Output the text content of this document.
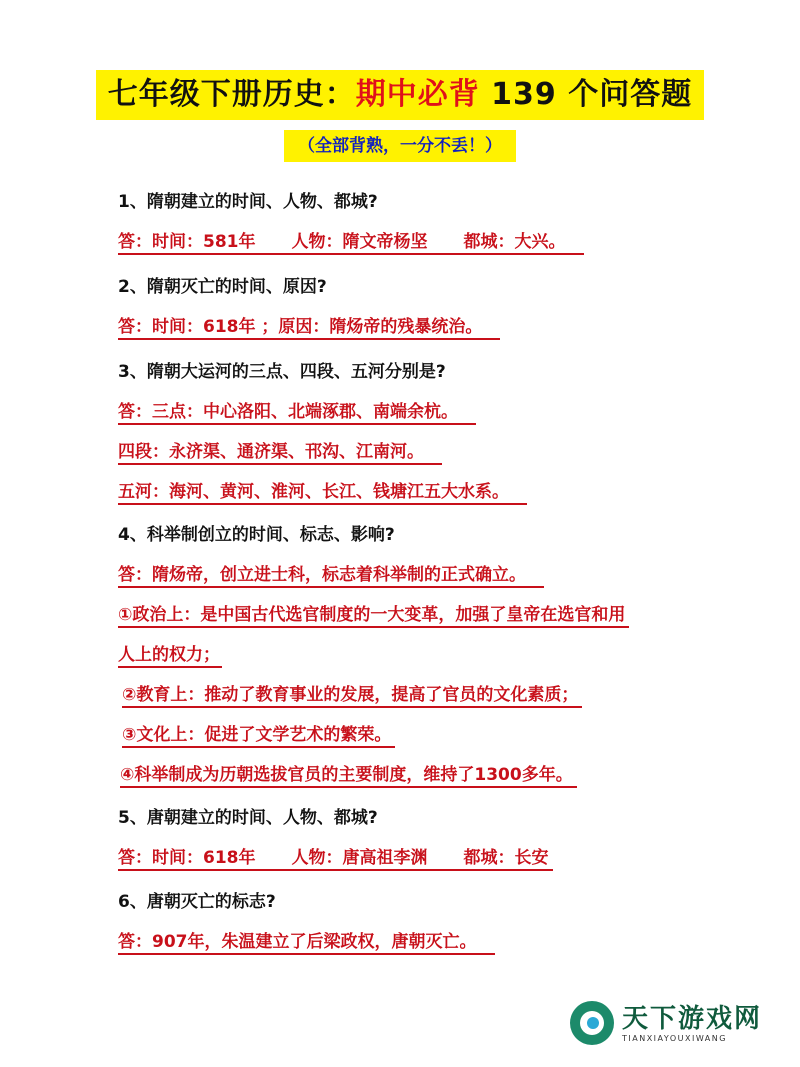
七年级下册历史：期中必背 139 个问答题
（全部背熟，一分不丢！）
1、隋朝建立的时间、人物、都城?
答：时间：581年 人物：隋文帝杨坚 都城：大兴。
2、隋朝灭亡的时间、原因?
答：时间：618年 ；原因：隋炀帝的残暴统治。
3、隋朝大运河的三点、四段、五河分别是?
答：三点：中心洛阳、北端涿郡、南端余杭。
四段：永济渠、通济渠、邗沟、江南河。
五河：海河、黄河、淮河、长江、钱塘江五大水系。
4、科举制创立的时间、标志、影响?
答：隋炀帝，创立进士科，标志着科举制的正式确立。
①政治上：是中国古代选官制度的一大变革，加强了皇帝在选官和用
人上的权力；
②教育上：推动了教育事业的发展，提高了官员的文化素质；
③文化上：促进了文学艺术的繁荣。
④科举制成为历朝选拔官员的主要制度，维持了1300多年。
5、唐朝建立的时间、人物、都城?
答：时间：618年 人物：唐高祖李渊 都城：长安
6、唐朝灭亡的标志?
答：907年，朱温建立了后梁政权，唐朝灭亡。
天下游戏网
TIANXIAYOUXIWANG
